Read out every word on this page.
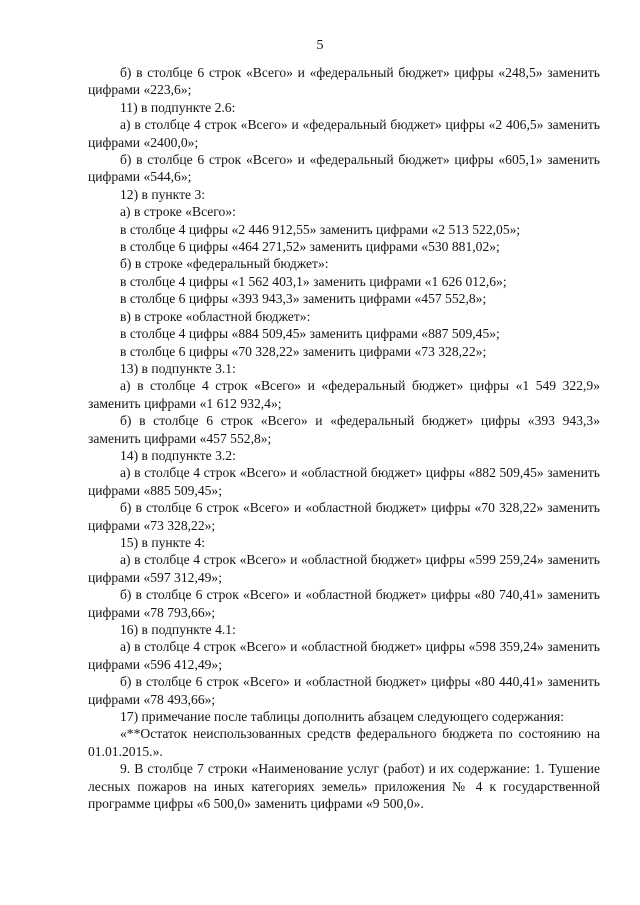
5

б) в столбце 6 строк «Всего» и «федеральный бюджет» цифры «248,5» заменить цифрами «223,6»;

11) в подпункте 2.6:

а) в столбце 4 строк «Всего» и «федеральный бюджет» цифры «2 406,5» заменить цифрами «2400,0»;

б) в столбце 6 строк «Всего» и «федеральный бюджет» цифры «605,1» заменить цифрами «544,6»;

12) в пункте 3:

а) в строке «Всего»:

в столбце 4 цифры «2 446 912,55» заменить цифрами «2 513 522,05»;

в столбце 6 цифры «464 271,52» заменить цифрами «530 881,02»;

б) в строке «федеральный бюджет»:

в столбце 4 цифры «1 562 403,1» заменить цифрами «1 626 012,6»;

в столбце 6 цифры «393 943,3» заменить цифрами «457 552,8»;

в) в строке «областной бюджет»:

в столбце 4 цифры «884 509,45» заменить цифрами «887 509,45»;

в столбце 6 цифры «70 328,22» заменить цифрами «73 328,22»;

13) в подпункте 3.1:

а) в столбце 4 строк «Всего» и «федеральный бюджет» цифры «1 549 322,9» заменить цифрами «1 612 932,4»;

б) в столбце 6 строк «Всего» и «федеральный бюджет» цифры «393 943,3» заменить цифрами «457 552,8»;

14) в подпункте 3.2:

а) в столбце 4 строк «Всего» и «областной бюджет» цифры «882 509,45» заменить цифрами «885 509,45»;

б) в столбце 6 строк «Всего» и «областной бюджет» цифры «70 328,22» заменить цифрами «73 328,22»;

15) в пункте 4:

а) в столбце 4 строк «Всего» и «областной бюджет» цифры «599 259,24» заменить цифрами «597 312,49»;

б) в столбце 6 строк «Всего» и «областной бюджет» цифры «80 740,41» заменить цифрами «78 793,66»;

16) в подпункте 4.1:

а) в столбце 4 строк «Всего» и «областной бюджет» цифры «598 359,24» заменить цифрами «596 412,49»;

б) в столбце 6 строк «Всего» и «областной бюджет» цифры «80 440,41» заменить цифрами «78 493,66»;

17) примечание после таблицы дополнить абзацем следующего содержания:

«**Остаток неиспользованных средств федерального бюджета по состоянию на 01.01.2015.».

9. В столбце 7 строки «Наименование услуг (работ) и их содержание: 1. Тушение лесных пожаров на иных категориях земель» приложения № 4 к государственной программе цифры «6 500,0» заменить цифрами «9 500,0».
